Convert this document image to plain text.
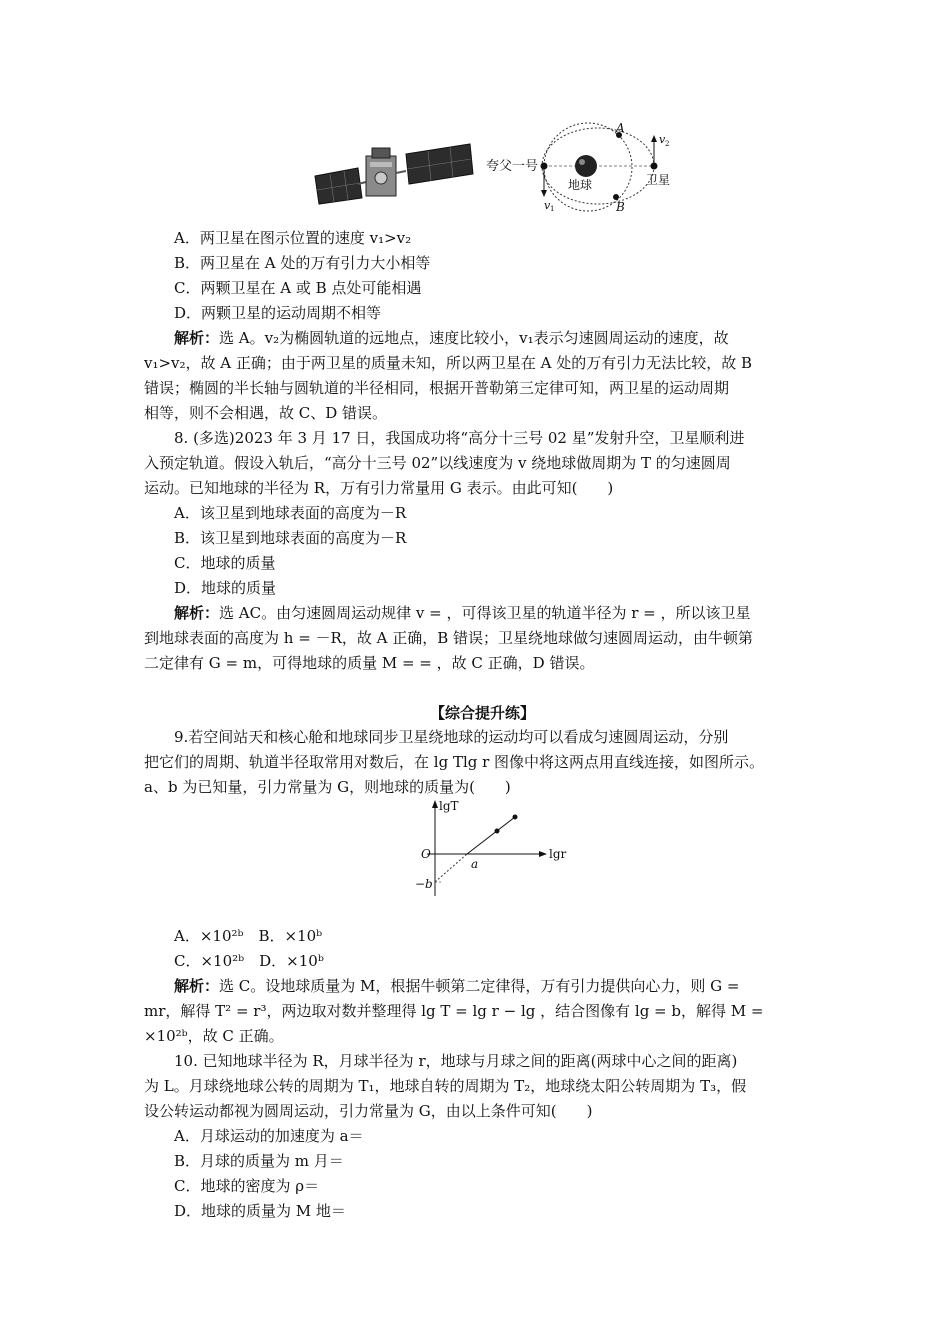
夸父一号
地球	卫星
A
B
v 1
v 2
A．两卫星在图示位置的速度 v₁>v₂
B．两卫星在 A 处的万有引力大小相等
C．两颗卫星在 A 或 B 点处可能相遇
D．两颗卫星的运动周期不相等
解析：选 A。v₂为椭圆轨道的远地点，速度比较小，v₁表示匀速圆周运动的速度，故
v₁>v₂，故 A 正确；由于两卫星的质量未知，所以两卫星在 A 处的万有引力无法比较，故 B
错误；椭圆的半长轴与圆轨道的半径相同，根据开普勒第三定律可知，两卫星的运动周期
相等，则不会相遇，故 C、D 错误。
8. (多选)2023 年 3 月 17 日，我国成功将“高分十三号 02 星”发射升空，卫星顺利进
入预定轨道。假设入轨后，“高分十三号 02”以线速度为 v 绕地球做周期为 T 的匀速圆周
运动。已知地球的半径为 R，万有引力常量用 G 表示。由此可知(　　)
A．该卫星到地球表面的高度为－R
B．该卫星到地球表面的高度为－R
C．地球的质量
D．地球的质量
解析：选 AC。由匀速圆周运动规律 v = ，可得该卫星的轨道半径为 r = ，所以该卫星
到地球表面的高度为 h = －R，故 A 正确，B 错误；卫星绕地球做匀速圆周运动，由牛顿第
二定律有 G = m，可得地球的质量 M = = ，故 C 正确，D 错误。
【综合提升练】
9.若空间站天和核心舱和地球同步卫星绕地球的运动均可以看成匀速圆周运动，分别
把它们的周期、轨道半径取常用对数后，在 lg Tlg r 图像中将这两点用直线连接，如图所示。
a、b 为已知量，引力常量为 G，则地球的质量为(　　)
lgT
lgr
O
a
−b
A．×10²ᵇ　B．×10ᵇ
C．×10²ᵇ　D．×10ᵇ
解析：选 C。设地球质量为 M，根据牛顿第二定律得，万有引力提供向心力，则 G =
mr，解得 T² = r³，两边取对数并整理得 lg T = lg r − lg ，结合图像有 lg = b，解得 M =
×10²ᵇ，故 C 正确。
10. 已知地球半径为 R，月球半径为 r，地球与月球之间的距离(两球中心之间的距离)
为 L。月球绕地球公转的周期为 T₁，地球自转的周期为 T₂，地球绕太阳公转周期为 T₃，假
设公转运动都视为圆周运动，引力常量为 G，由以上条件可知(　　)
A．月球运动的加速度为 a＝
B．月球的质量为 m 月＝
C．地球的密度为 ρ＝
D．地球的质量为 M 地＝
